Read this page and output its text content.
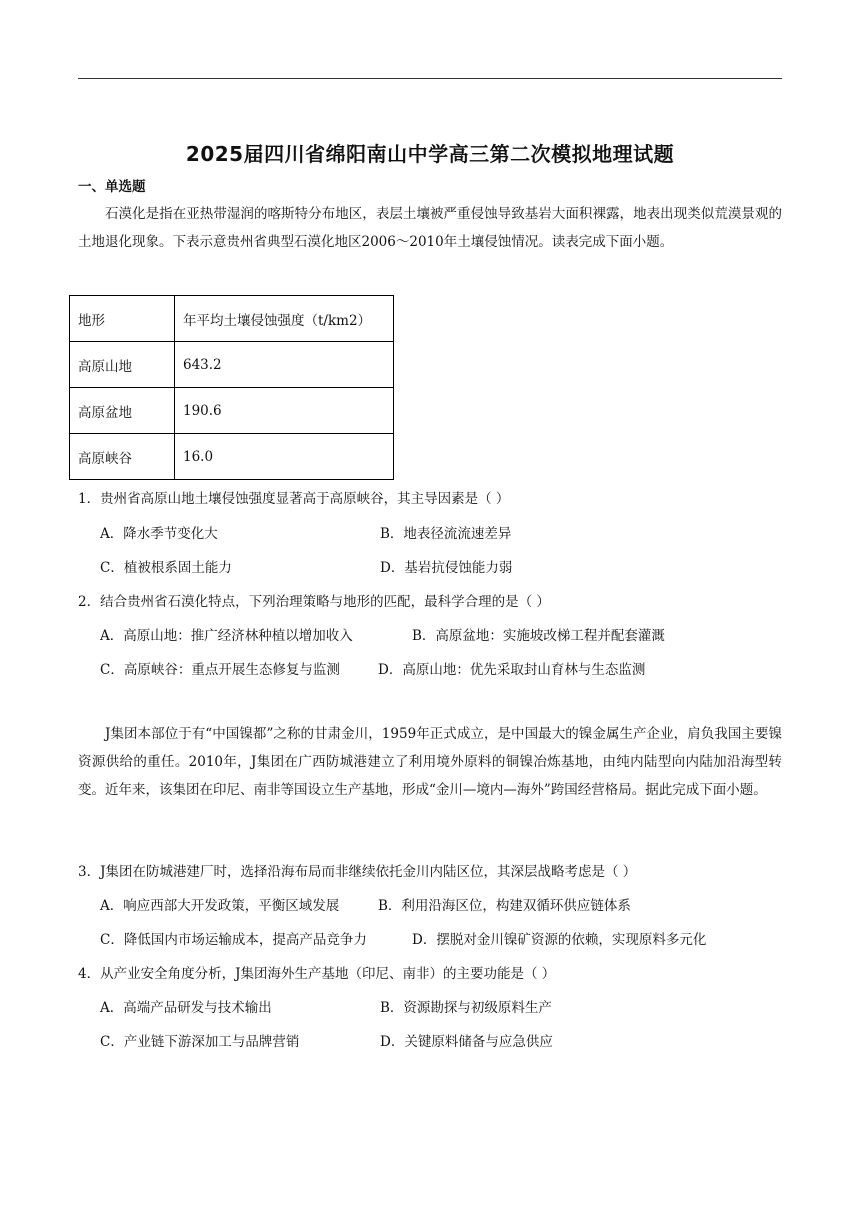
2025届四川省绵阳南山中学高三第二次模拟地理试题
一、单选题
石漠化是指在亚热带湿润的喀斯特分布地区，表层土壤被严重侵蚀导致基岩大面积裸露，地表出现类似荒漠景观的土地退化现象。下表示意贵州省典型石漠化地区2006～2010年土壤侵蚀情况。读表完成下面小题。
地形	年平均土壤侵蚀强度（t/km2）
高原山地	643.2
高原盆地	190.6
高原峡谷	16.0
1．贵州省高原山地土壤侵蚀强度显著高于高原峡谷，其主导因素是（ ）
A．降水季节变化大	B．地表径流流速差异
C．植被根系固土能力	D．基岩抗侵蚀能力弱
2．结合贵州省石漠化特点，下列治理策略与地形的匹配，最科学合理的是（ ）
A．高原山地：推广经济林种植以增加收入	B．高原盆地：实施坡改梯工程并配套灌溉
C．高原峡谷：重点开展生态修复与监测	D．高原山地：优先采取封山育林与生态监测
J集团本部位于有“中国镍都”之称的甘肃金川，1959年正式成立，是中国最大的镍金属生产企业，肩负我国主要镍资源供给的重任。2010年，J集团在广西防城港建立了利用境外原料的铜镍冶炼基地，由纯内陆型向内陆加沿海型转变。近年来，该集团在印尼、南非等国设立生产基地，形成“金川—境内—海外”跨国经营格局。据此完成下面小题。
3．J集团在防城港建厂时，选择沿海布局而非继续依托金川内陆区位，其深层战略考虑是（ ）
A．响应西部大开发政策，平衡区域发展	B．利用沿海区位，构建双循环供应链体系
C．降低国内市场运输成本，提高产品竞争力	D．摆脱对金川镍矿资源的依赖，实现原料多元化
4．从产业安全角度分析，J集团海外生产基地（印尼、南非）的主要功能是（ ）
A．高端产品研发与技术输出	B．资源勘探与初级原料生产
C．产业链下游深加工与品牌营销	D．关键原料储备与应急供应
